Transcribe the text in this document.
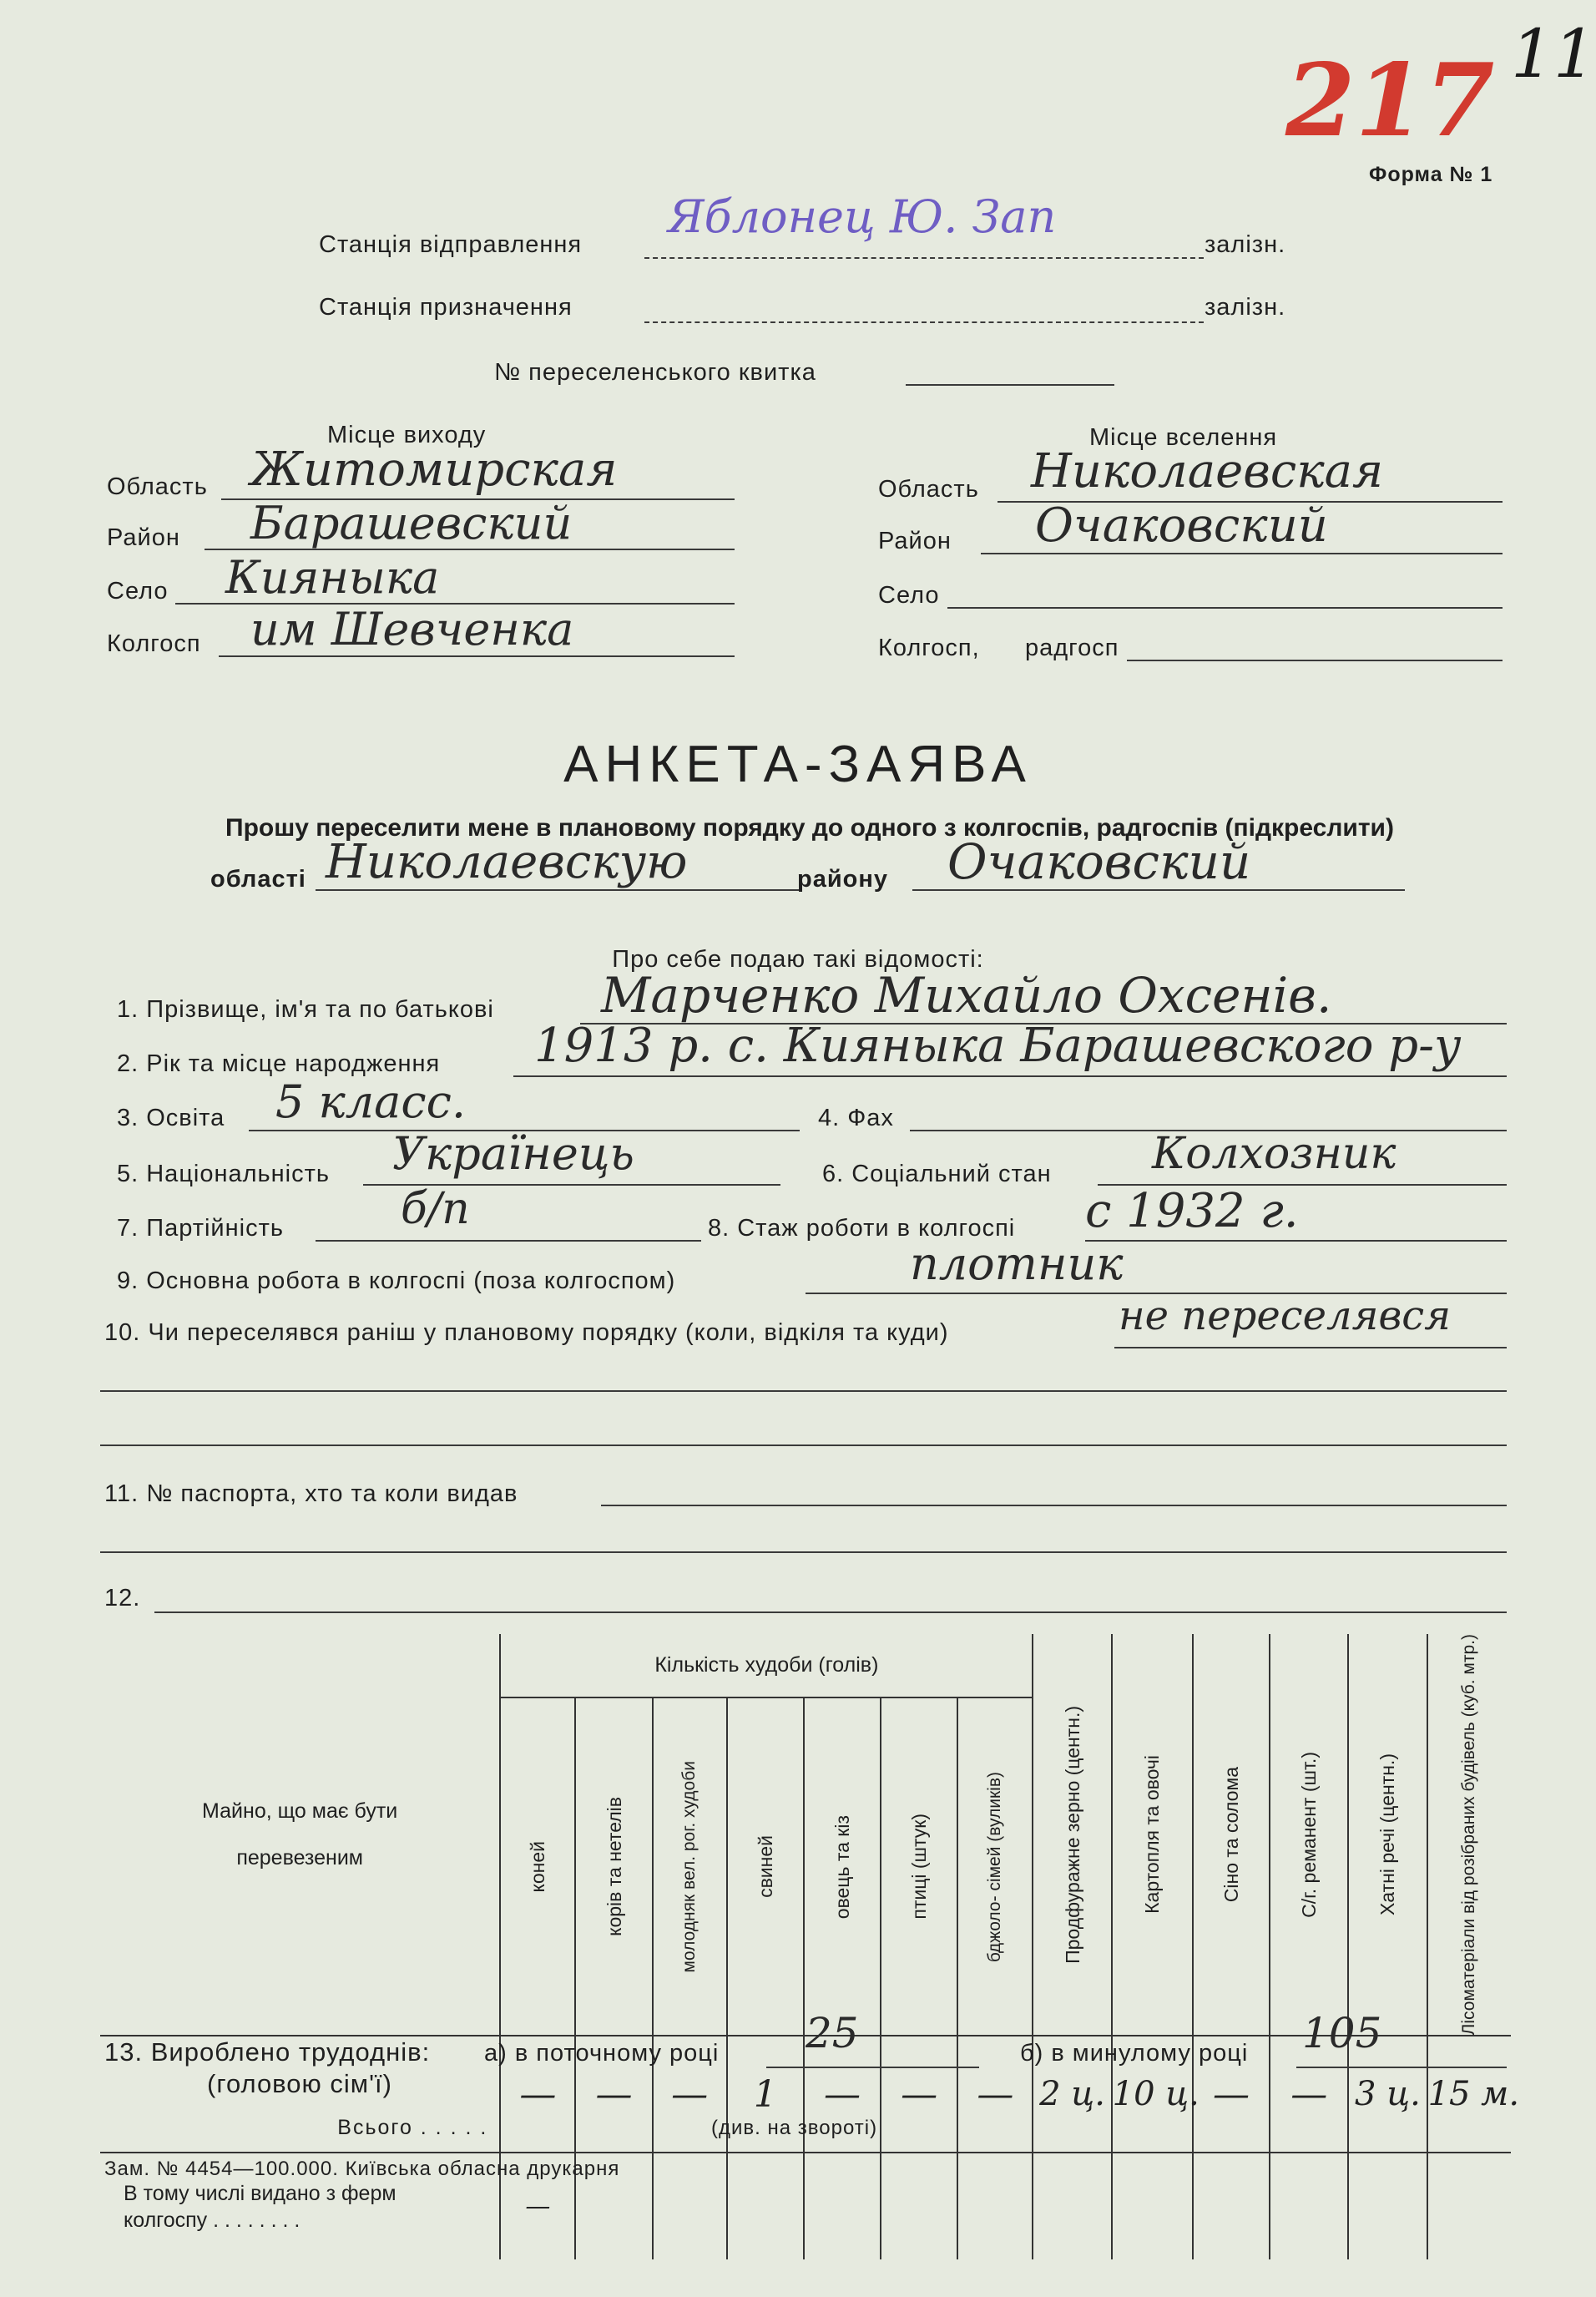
217 11
Форма № 1
Станція відправлення
Яблонец Ю. Зап
залізн.
Станція призначення	залізн.
№ переселенського квитка
Місце виходу
Область Житомирская
Район Барашевский
Село Кияныка
Колгосп им Шевченка
Місце вселення
Область Николаевская
Район Очаковский
Село
Колгосп, радгосп
АНКЕТА-ЗАЯВА
Прошу переселити мене в плановому порядку до одного з колгоспів, радгоспів (підкреслити)
області Николаевскую	району Очаковский
Про себе подаю такі відомості:
1. Прізвище, ім'я та по батькові Марченко Михайло Охсенів.
2. Рік та місце народження 1913 р. с. Кияныка Барашевского р-у
3. Освіта 5 класс.	4. Фах
5. Національність Українець	6. Соціальний стан Колхозник
7. Партійність	б/п	8. Стаж роботи в колгоспі с 1932 г.
9. Основна робота в колгоспі (поза колгоспом)	плотник
10. Чи переселявся раніш у плановому порядку (коли, відкіля та куди)	не переселявся
11. № паспорта, хто та коли видав
12.
Майно, що має бути перевезеним	Кількість худоби (голів)							Продфуражне зерно (центн.)	Картопля та овочі	Сіно та солома	С/г. реманент (шт.)	Хатні речі (центн.)	Лісоматеріали від розібраних будівель (куб. мтр.)

	коней	корів та нетелів	молодняк вел. рог. худоби	свиней	овець та кіз	птиці (штук)	бджоло- сімей (вуликів)						

Всього . . . . .	—	—	—	1	—	—	—	2 ц.	10 ц.	—	—	3 ц.	15 м.

В тому числі видано з ферм колгоспу . . . . . . . .	—												
13. Вироблено трудоднів:
(головою сім'ї)
а) в поточному році 25	б) в минулому році 105
(див. на звороті)
Зам. № 4454—100.000. Київська обласна друкарня
